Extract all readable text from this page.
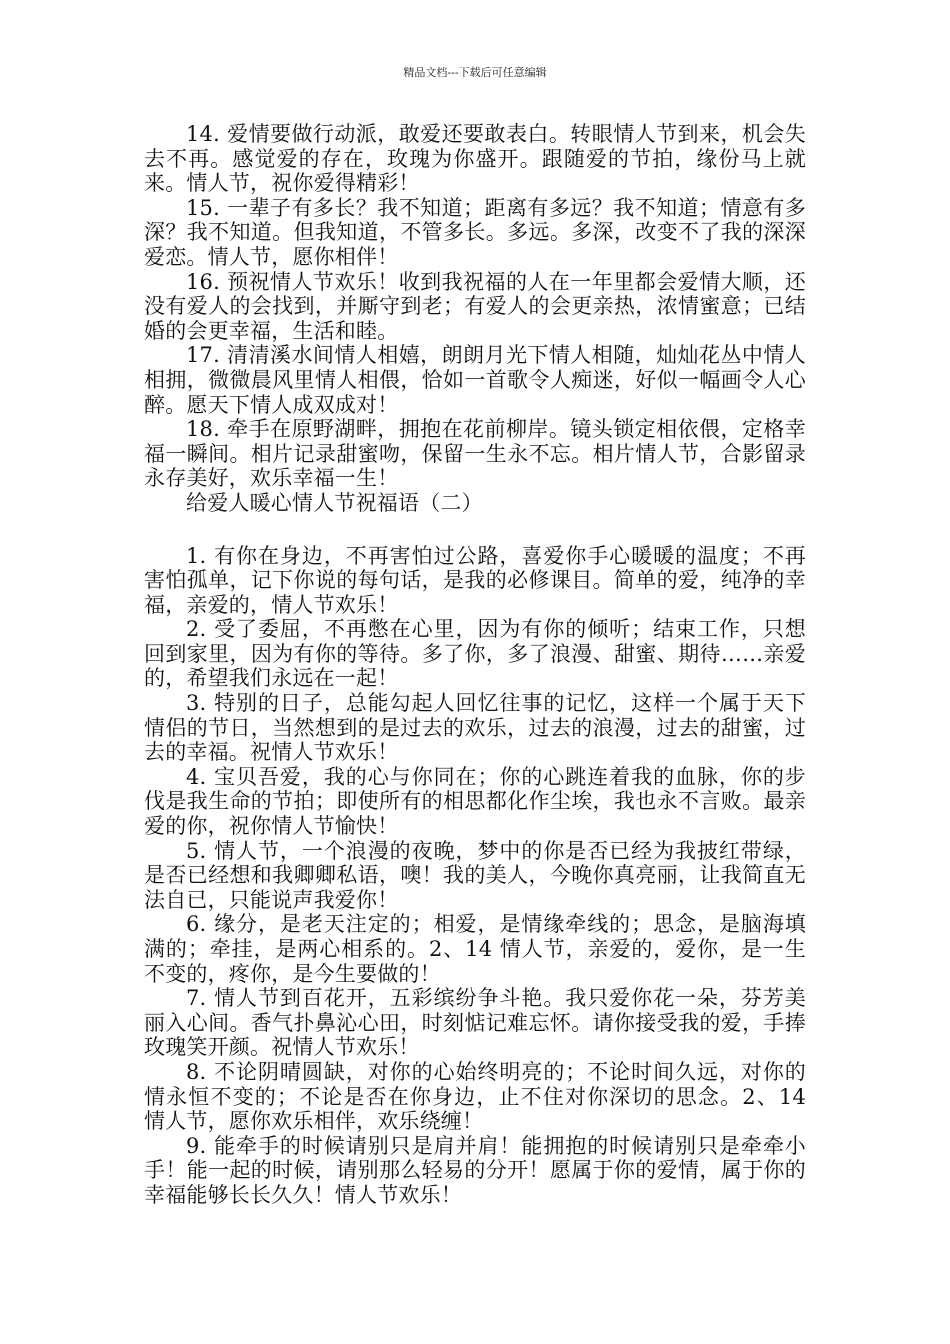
精品文档---下载后可任意编辑

14. 爱情要做行动派，敢爱还要敢表白。转眼情人节到来，机会失去不再。感觉爱的存在，玫瑰为你盛开。跟随爱的节拍，缘份马上就来。情人节，祝你爱得精彩！

15. 一辈子有多长？我不知道；距离有多远？我不知道；情意有多深？我不知道。但我知道，不管多长。多远。多深，改变不了我的深深爱恋。情人节，愿你相伴！

16. 预祝情人节欢乐！收到我祝福的人在一年里都会爱情大顺，还没有爱人的会找到，并厮守到老；有爱人的会更亲热，浓情蜜意；已结婚的会更幸福，生活和睦。

17. 清清溪水间情人相嬉，朗朗月光下情人相随，灿灿花丛中情人相拥，微微晨风里情人相偎，恰如一首歌令人痴迷，好似一幅画令人心醉。愿天下情人成双成对！

18. 牵手在原野湖畔，拥抱在花前柳岸。镜头锁定相依偎，定格幸福一瞬间。相片记录甜蜜吻，保留一生永不忘。相片情人节，合影留录永存美好，欢乐幸福一生！

给爱人暖心情人节祝福语（二）

1. 有你在身边，不再害怕过公路，喜爱你手心暖暖的温度；不再害怕孤单，记下你说的每句话，是我的必修课目。简单的爱，纯净的幸福，亲爱的，情人节欢乐！

2. 受了委屈，不再憋在心里，因为有你的倾听；结束工作，只想回到家里，因为有你的等待。多了你，多了浪漫、甜蜜、期待……亲爱的，希望我们永远在一起！

3. 特别的日子，总能勾起人回忆往事的记忆，这样一个属于天下情侣的节日，当然想到的是过去的欢乐，过去的浪漫，过去的甜蜜，过去的幸福。祝情人节欢乐！

4. 宝贝吾爱，我的心与你同在；你的心跳连着我的血脉，你的步伐是我生命的节拍；即使所有的相思都化作尘埃，我也永不言败。最亲爱的你，祝你情人节愉快！

5. 情人节，一个浪漫的夜晚，梦中的你是否已经为我披红带绿，是否已经想和我卿卿私语，噢！我的美人，今晚你真亮丽，让我简直无法自已，只能说声我爱你！

6. 缘分，是老天注定的；相爱，是情缘牵线的；思念，是脑海填满的；牵挂，是两心相系的。2、14 情人节，亲爱的，爱你，是一生不变的，疼你，是今生要做的！

7. 情人节到百花开，五彩缤纷争斗艳。我只爱你花一朵，芬芳美丽入心间。香气扑鼻沁心田，时刻惦记难忘怀。请你接受我的爱，手捧玫瑰笑开颜。祝情人节欢乐！

8. 不论阴晴圆缺，对你的心始终明亮的；不论时间久远，对你的情永恒不变的；不论是否在你身边，止不住对你深切的思念。2、14 情人节，愿你欢乐相伴，欢乐绕缠！

9. 能牵手的时候请别只是肩并肩！能拥抱的时候请别只是牵牵小手！能一起的时候，请别那么轻易的分开！愿属于你的爱情，属于你的幸福能够长长久久！情人节欢乐！
